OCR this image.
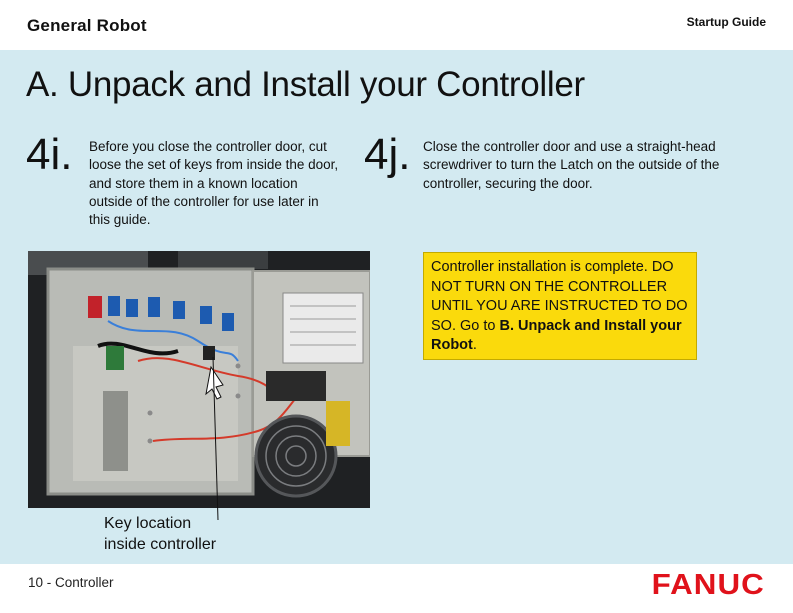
General Robot	Startup Guide
A. Unpack and Install your Controller
4i. Before you close the controller door, cut loose the set of keys from inside the door, and store them in a known location outside of the controller for use later in this guide.

4j. Close the controller door and use a straight-head screwdriver to turn the Latch on the outside of the controller, securing the door.

Key location
inside controller
Controller installation is complete. DO NOT TURN ON THE CONTROLLER UNTIL YOU ARE INSTRUCTED TO DO SO. Go to B. Unpack and Install your Robot.
10 - Controller	FANUC
